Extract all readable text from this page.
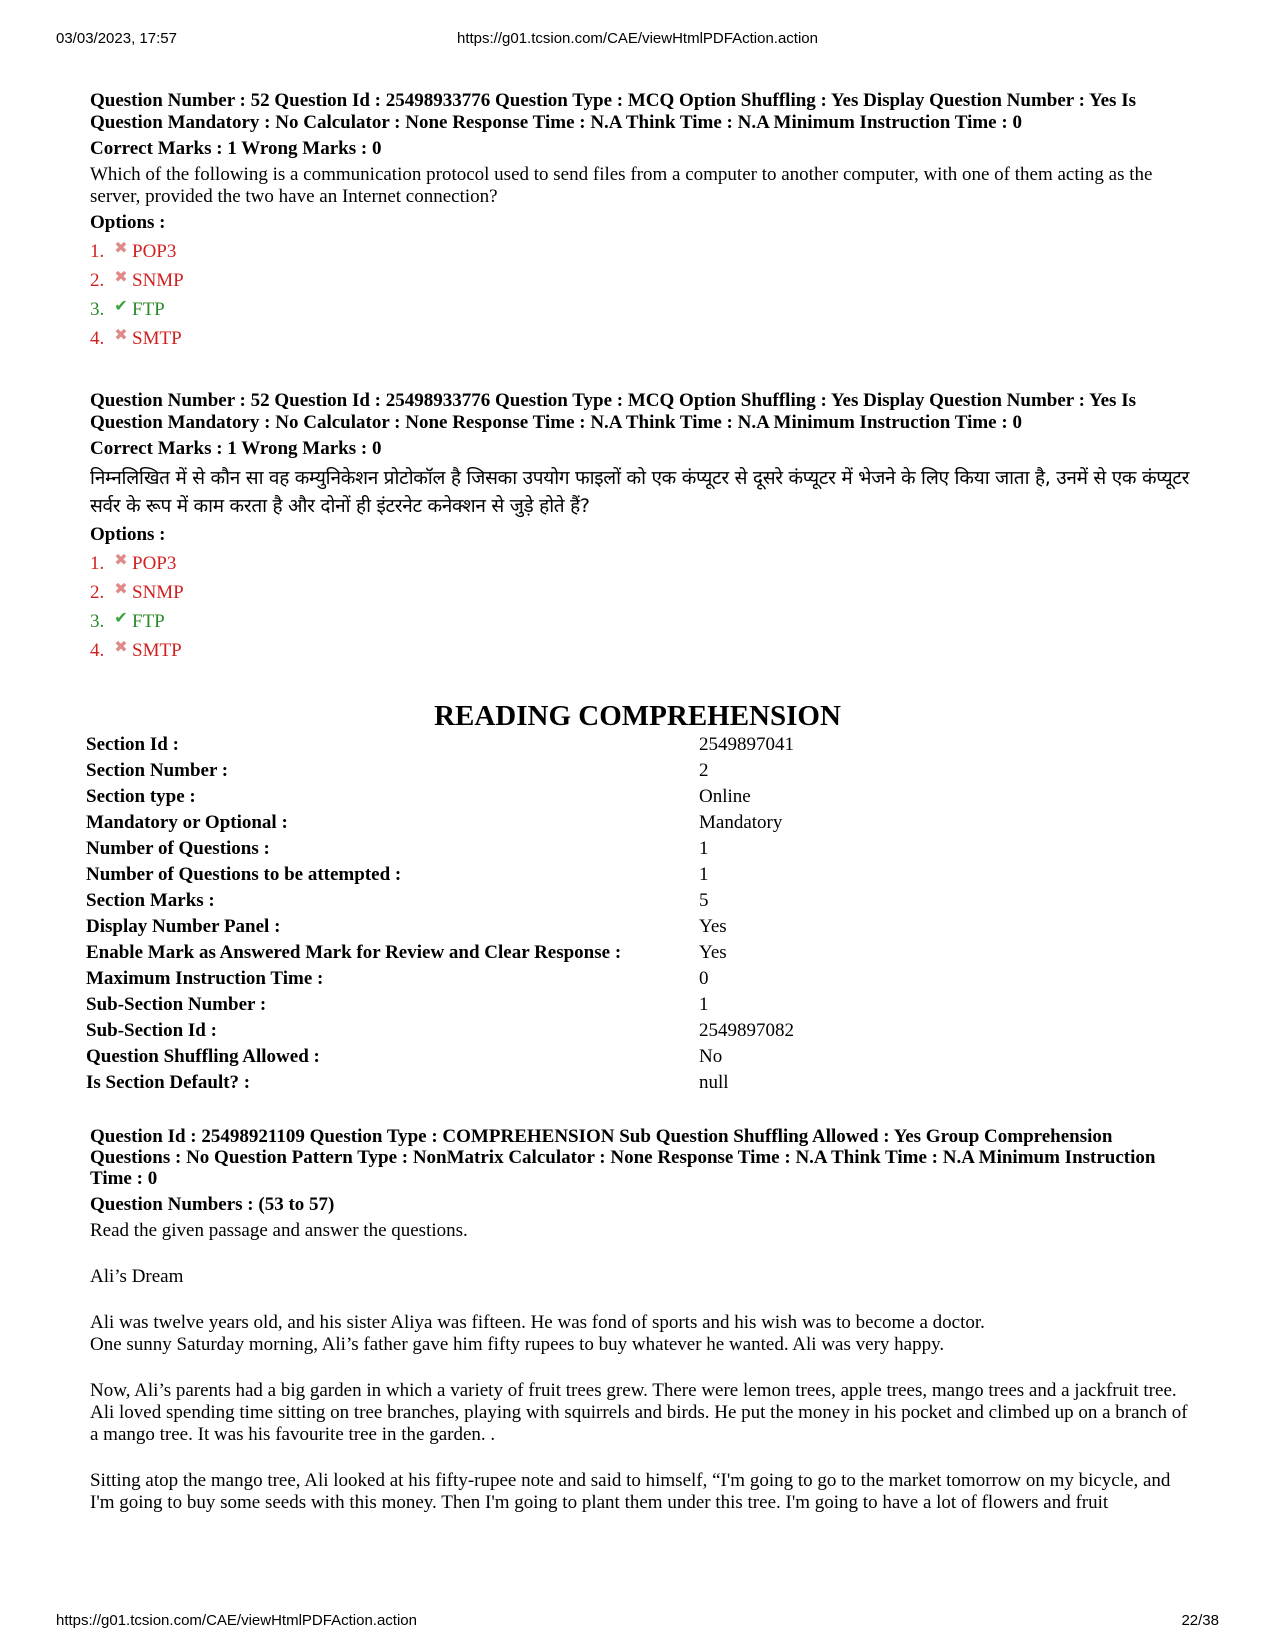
03/03/2023, 17:57	https://g01.tcsion.com/CAE/viewHtmlPDFAction.action
Question Number : 52 Question Id : 25498933776 Question Type : MCQ Option Shuffling : Yes Display Question Number : Yes Is Question Mandatory : No Calculator : None Response Time : N.A Think Time : N.A Minimum Instruction Time : 0
Correct Marks : 1 Wrong Marks : 0
Which of the following is a communication protocol used to send files from a computer to another computer, with one of them acting as the server, provided the two have an Internet connection?
Options :
1. ✖ POP3
2. ✖ SNMP
3. ✔ FTP
4. ✖ SMTP
Question Number : 52 Question Id : 25498933776 Question Type : MCQ Option Shuffling : Yes Display Question Number : Yes Is Question Mandatory : No Calculator : None Response Time : N.A Think Time : N.A Minimum Instruction Time : 0
Correct Marks : 1 Wrong Marks : 0
निम्नलिखित में से कौन सा वह कम्युनिकेशन प्रोटोकॉल है जिसका उपयोग फाइलों को एक कंप्यूटर से दूसरे कंप्यूटर में भेजने के लिए किया जाता है, उनमें से एक कंप्यूटर सर्वर के रूप में काम करता है और दोनों ही इंटरनेट कनेक्शन से जुड़े होते हैं?
Options :
1. ✖ POP3
2. ✖ SNMP
3. ✔ FTP
4. ✖ SMTP
READING COMPREHENSION
Section Id :	2549897041
Section Number :	2
Section type :	Online
Mandatory or Optional :	Mandatory
Number of Questions :	1
Number of Questions to be attempted :	1
Section Marks :	5
Display Number Panel :	Yes
Enable Mark as Answered Mark for Review and Clear Response :	Yes
Maximum Instruction Time :	0
Sub-Section Number :	1
Sub-Section Id :	2549897082
Question Shuffling Allowed :	No
Is Section Default? :	null
Question Id : 25498921109 Question Type : COMPREHENSION Sub Question Shuffling Allowed : Yes Group Comprehension Questions : No Question Pattern Type : NonMatrix Calculator : None Response Time : N.A Think Time : N.A Minimum Instruction Time : 0
Question Numbers : (53 to 57)

Read the given passage and answer the questions.

Ali’s Dream

Ali was twelve years old, and his sister Aliya was fifteen. He was fond of sports and his wish was to become a doctor.

One sunny Saturday morning, Ali’s father gave him fifty rupees to buy whatever he wanted. Ali was very happy.

Now, Ali’s parents had a big garden in which a variety of fruit trees grew. There were lemon trees, apple trees, mango trees and a jackfruit tree. Ali loved spending time sitting on tree branches, playing with squirrels and birds. He put the money in his pocket and climbed up on a branch of a mango tree. It was his favourite tree in the garden. .

Sitting atop the mango tree, Ali looked at his fifty-rupee note and said to himself, “I'm going to go to the market tomorrow on my bicycle, and I'm going to buy some seeds with this money. Then I'm going to plant them under this tree. I'm going to have a lot of flowers and fruit

https://g01.tcsion.com/CAE/viewHtmlPDFAction.action	22/38
